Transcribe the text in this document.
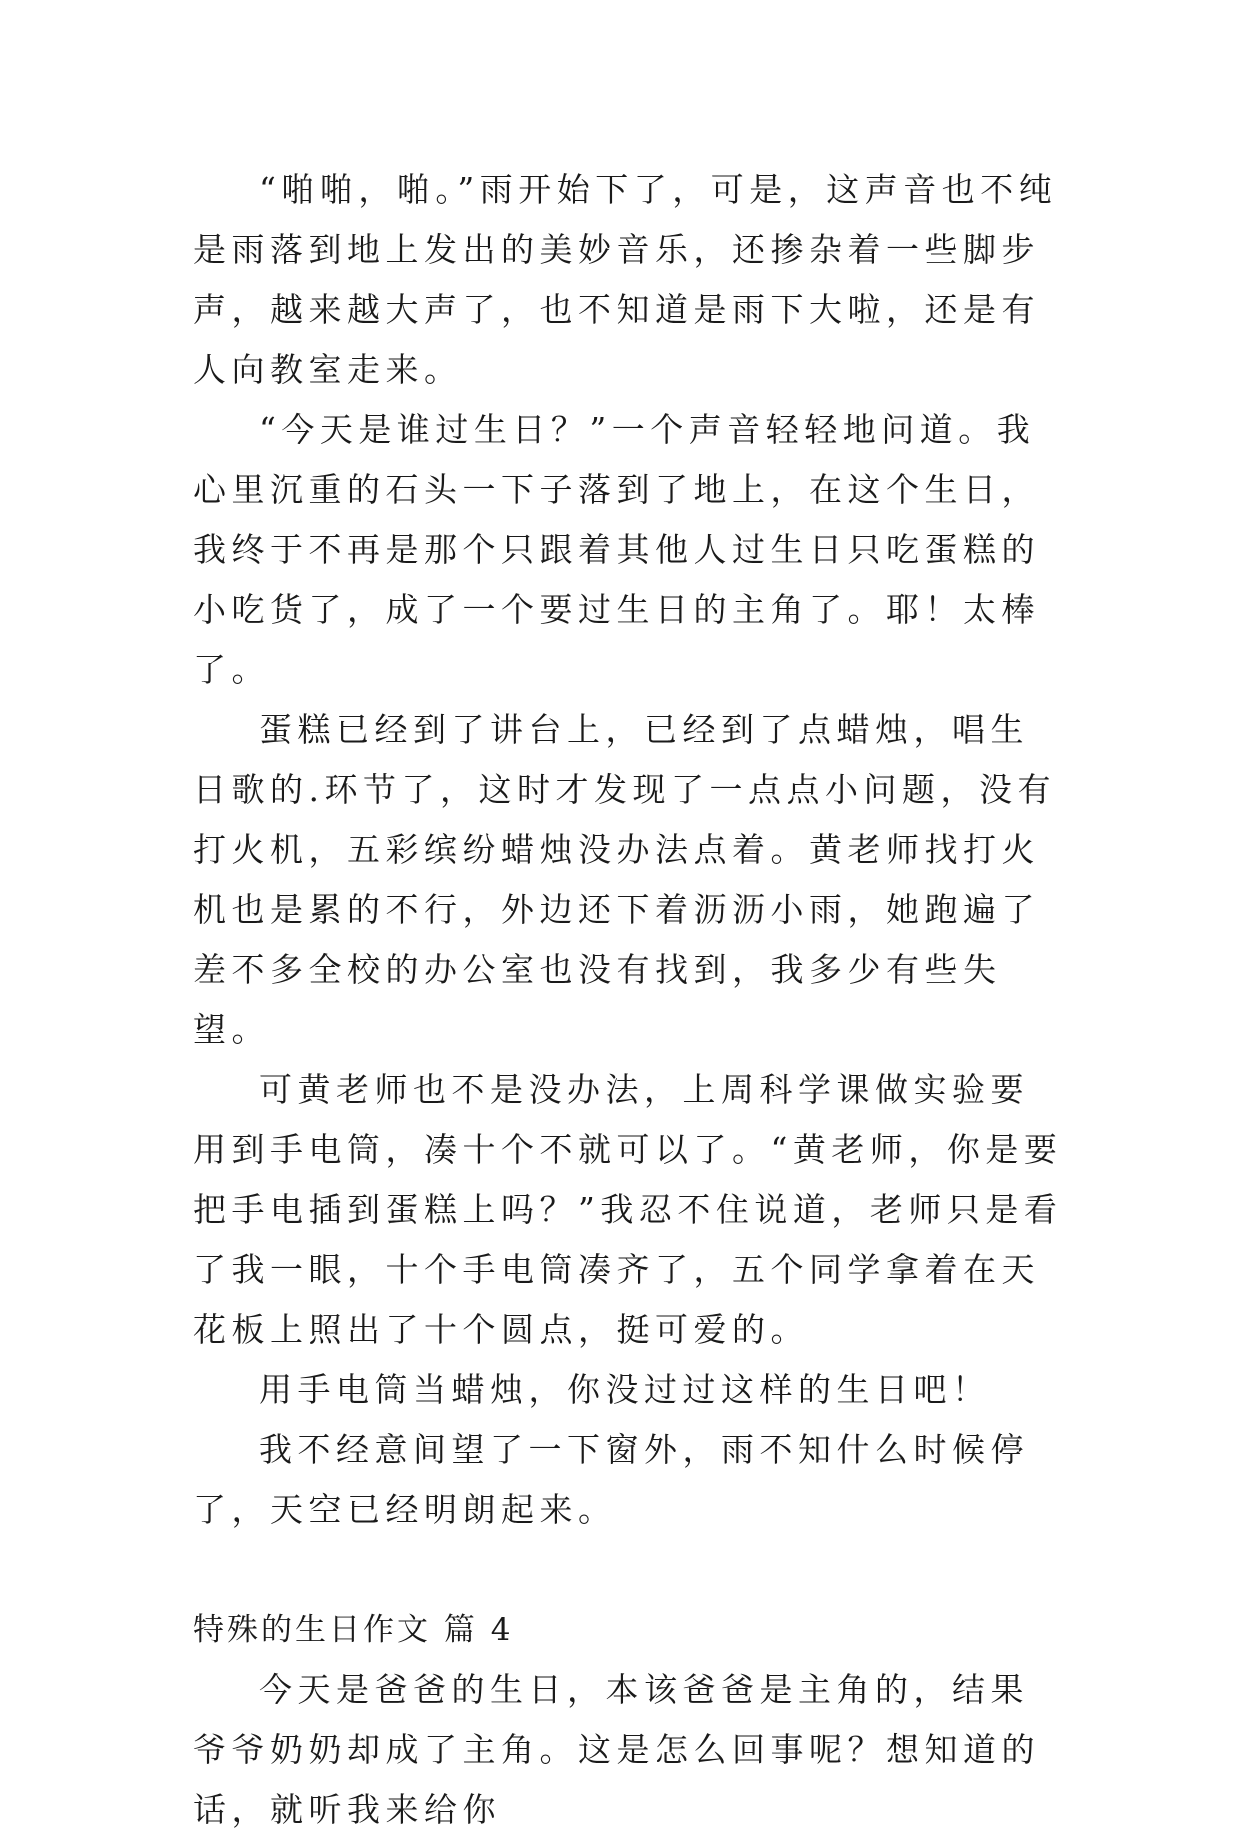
“啪啪，啪。”雨开始下了，可是，这声音也不纯是雨落到地上发出的美妙音乐，还掺杂着一些脚步声，越来越大声了，也不知道是雨下大啦，还是有人向教室走来。

“今天是谁过生日？”一个声音轻轻地问道。我心里沉重的石头一下子落到了地上，在这个生日，我终于不再是那个只跟着其他人过生日只吃蛋糕的小吃货了，成了一个要过生日的主角了。耶！太棒了。

蛋糕已经到了讲台上，已经到了点蜡烛，唱生日歌的.环节了，这时才发现了一点点小问题，没有打火机，五彩缤纷蜡烛没办法点着。黄老师找打火机也是累的不行，外边还下着沥沥小雨，她跑遍了差不多全校的办公室也没有找到，我多少有些失望。

可黄老师也不是没办法，上周科学课做实验要用到手电筒，凑十个不就可以了。“黄老师，你是要把手电插到蛋糕上吗？”我忍不住说道，老师只是看了我一眼，十个手电筒凑齐了，五个同学拿着在天花板上照出了十个圆点，挺可爱的。

用手电筒当蜡烛，你没过过这样的生日吧！

我不经意间望了一下窗外，雨不知什么时候停了，天空已经明朗起来。

特殊的生日作文 篇 4

今天是爸爸的生日，本该爸爸是主角的，结果爷爷奶奶却成了主角。这是怎么回事呢？想知道的话，就听我来给你
